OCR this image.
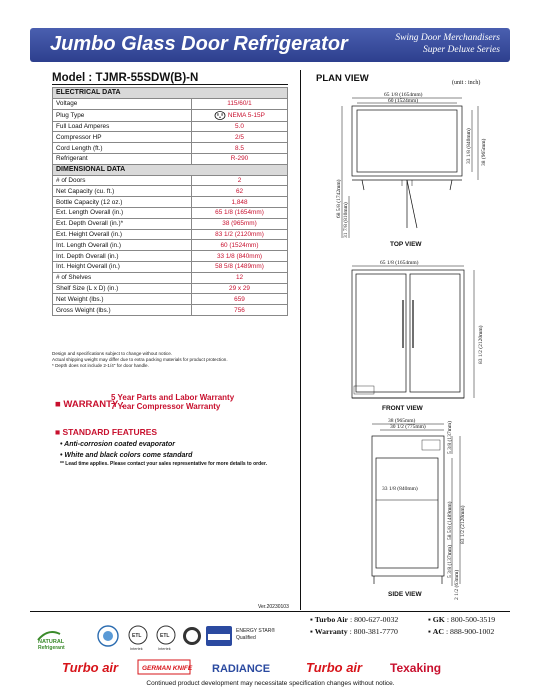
Jumbo Glass Door Refrigerator	Swing Door Merchandisers
Super Deluxe Series
Model : TJMR-55SDW(B)-N
ELECTRICAL DATA	
Voltage	115/60/1
Plug Type	NEMA 5-15P
Full Load Amperes	5.0
Compressor HP	2/5
Cord Length (ft.)	8.5
Refrigerant	R-290
DIMENSIONAL DATA	
# of Doors	2
Net Capacity (cu. ft.)	62
Bottle Capacity (12 oz.)	1,848
Ext. Length Overall (in.)	65 1/8 (1654mm)
Ext. Depth Overall (in.)*	38 (965mm)
Ext. Height Overall (in.)	83 1/2 (2120mm)
Int. Length Overall (in.)	60 (1524mm)
Int. Depth Overall (in.)	33 1/8 (840mm)
Int. Height Overall (in.)	58 5/8 (1489mm)
# of Shelves	12
Shelf Size (L x D) (in.)	29 x 29
Net Weight (lbs.)	659
Gross Weight (lbs.)	756
Design and specifications subject to change without notice.
Actual shipping weight may differ due to extra packing materials for product protection.
* Depth does not include 2-1/4" for door handle.
■ WARRANTY :
5 Year Parts and Labor Warranty
7 Year Compressor Warranty
■ STANDARD FEATURES
• Anti-corrosion coated evaporator
• White and black colors come standard
** Lead time applies. Please contact your sales representative for more details to order.
PLAN VIEW	(unit : inch)
65 1/8 (1654mm)
60 (1524mm)
33 1/8 (840mm) 38 (965mm)
68 5/8 (1742mm)
31 7/8 (810mm)
TOP VIEW
65 1/8 (1654mm)
83 1/2 (2120mm)
FRONT VIEW
38 (965mm)
30 1/2 (775mm)	5 3/8 (137mm)
33 1/8 (840mm)
58 5/8 (1489mm) 83 1/2 (2120mm)
5 3/8 (137mm)
2 1/2 (63mm)
SIDE VIEW
Ver.20230103
NATURAL
Refrigerant
ETL
Intertek
ETL
Intertek
ENERGY STAR®
Qualified
▪ Turbo Air : 800-627-0032	▪ GK : 800-500-3519
▪ Warranty : 800-381-7770	▪ AC : 888-900-1002
Turbo air	GERMAN KNIFE RADIANCE	Turbo air Texaking
Continued product development may necessitate specification changes without notice.
